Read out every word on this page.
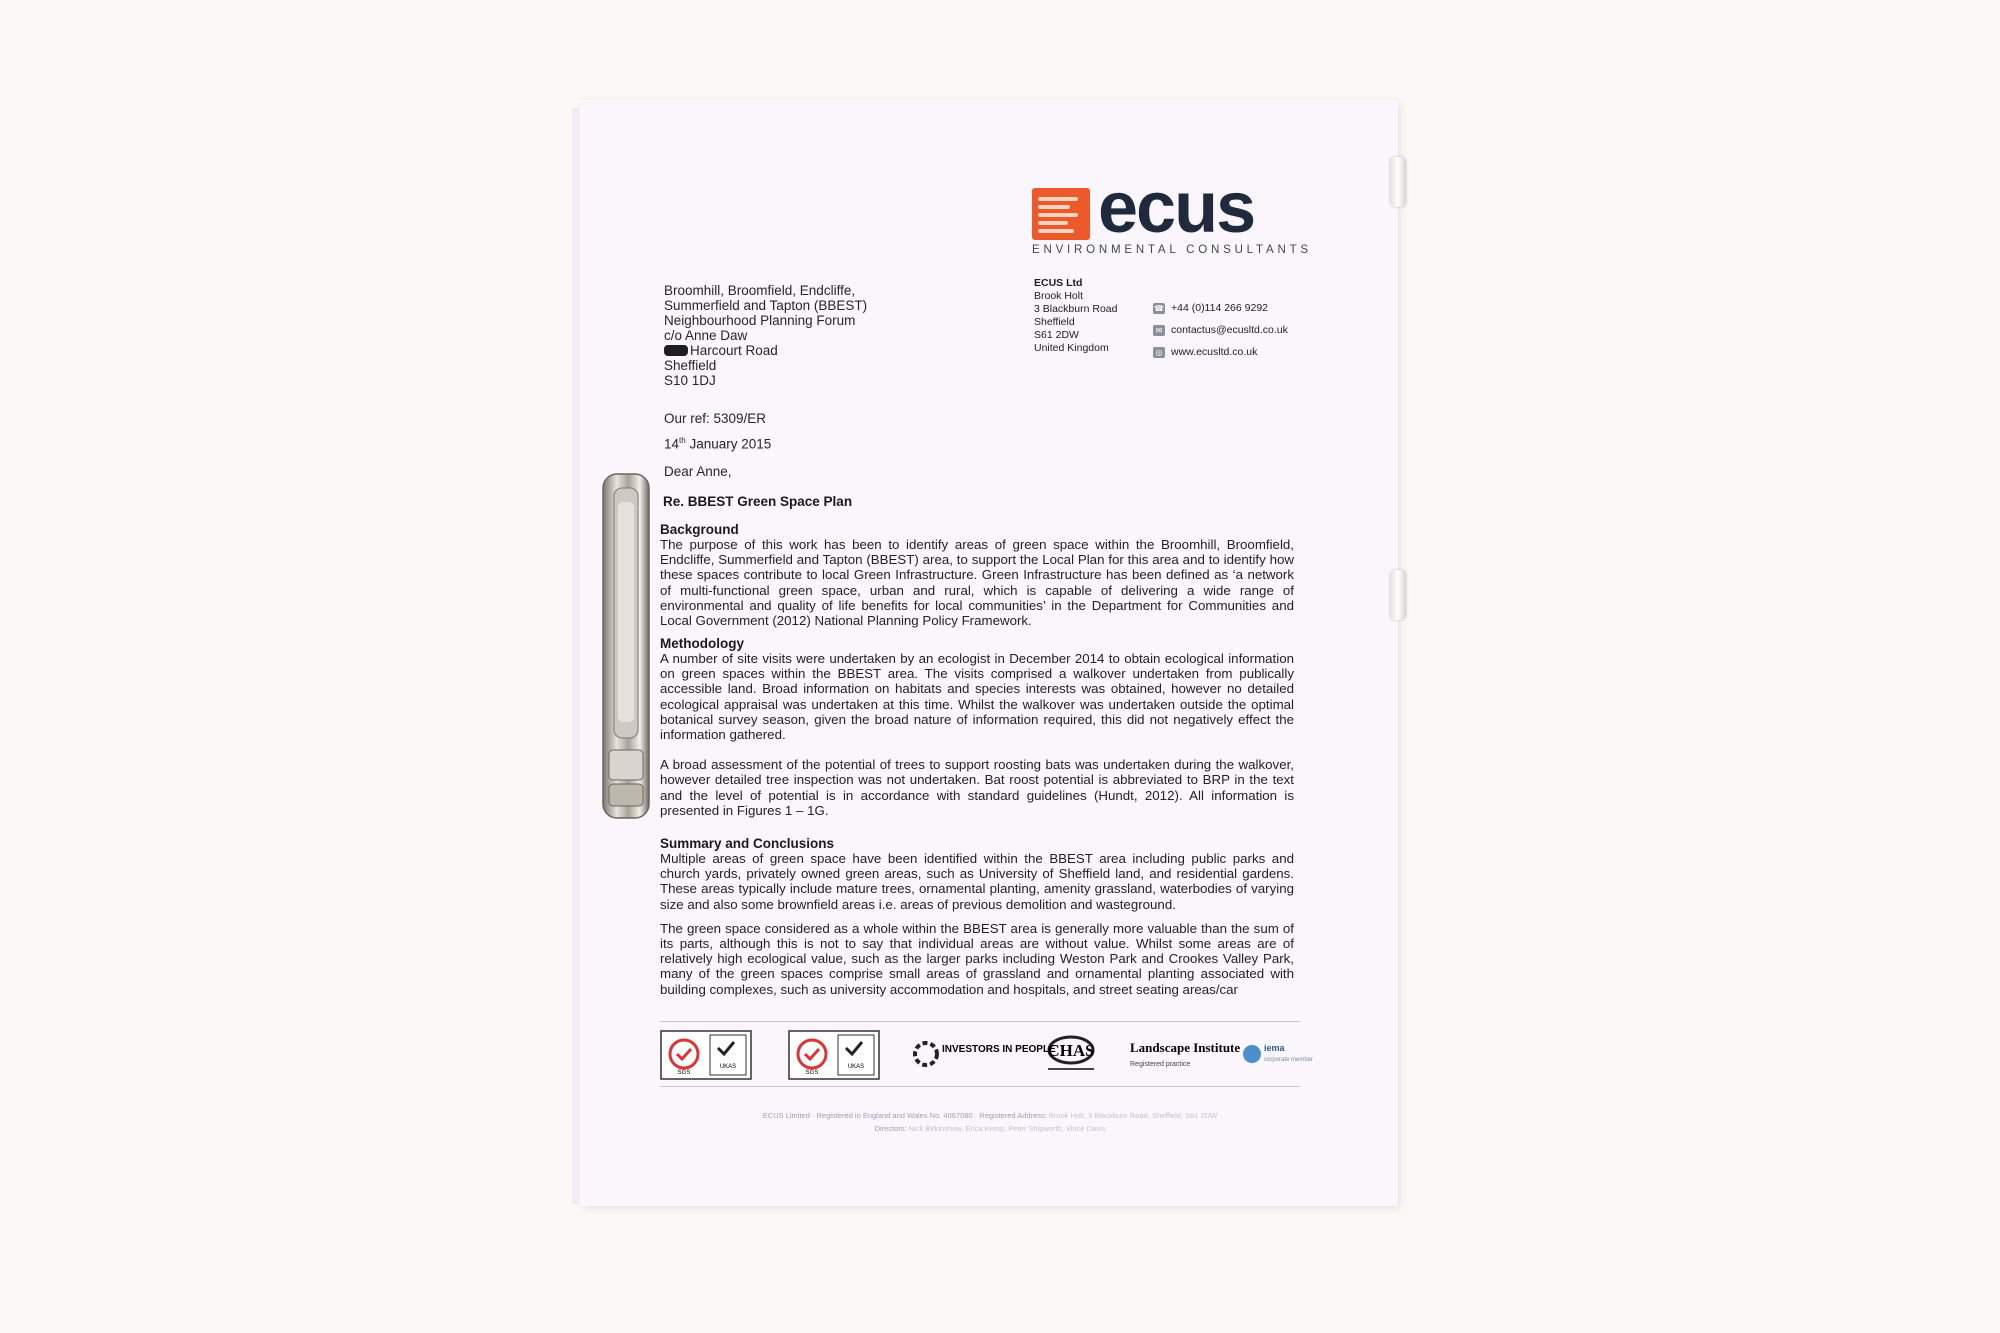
ecus
ENVIRONMENTAL CONSULTANTS
ECUS Ltd
Brook Holt
3 Blackburn Road
Sheffield
S61 2DW
United Kingdom
☎ +44 (0)114 266 9292
✉ contactus@ecusltd.co.uk
◎ www.ecusltd.co.uk
Broomhill, Broomfield, Endcliffe,
Summerfield and Tapton (BBEST)
Neighbourhood Planning Forum
c/o Anne Daw
Harcourt Road
Sheffield
S10 1DJ
Our ref: 5309/ER
14th January 2015
Dear Anne,
Re. BBEST Green Space Plan
Background

The purpose of this work has been to identify areas of green space within the Broomhill, Broomfield, Endcliffe, Summerfield and Tapton (BBEST) area, to support the Local Plan for this area and to identify how these spaces contribute to local Green Infrastructure. Green Infrastructure has been defined as ‘a network of multi-functional green space, urban and rural, which is capable of delivering a wide range of environmental and quality of life benefits for local communities’ in the Department for Communities and Local Government (2012) National Planning Policy Framework.

Methodology

A number of site visits were undertaken by an ecologist in December 2014 to obtain ecological information on green spaces within the BBEST area. The visits comprised a walkover undertaken from publically accessible land. Broad information on habitats and species interests was obtained, however no detailed ecological appraisal was undertaken at this time. Whilst the walkover was undertaken outside the optimal botanical survey season, given the broad nature of information required, this did not negatively effect the information gathered.

A broad assessment of the potential of trees to support roosting bats was undertaken during the walkover, however detailed tree inspection was not undertaken. Bat roost potential is abbreviated to BRP in the text and the level of potential is in accordance with standard guidelines (Hundt, 2012). All information is presented in Figures 1 – 1G.

Summary and Conclusions

Multiple areas of green space have been identified within the BBEST area including public parks and church yards, privately owned green areas, such as University of Sheffield land, and residential gardens. These areas typically include mature trees, ornamental planting, amenity grassland, waterbodies of varying size and also some brownfield areas i.e. areas of previous demolition and wasteground.

The green space considered as a whole within the BBEST area is generally more valuable than the sum of its parts, although this is not to say that individual areas are without value. Whilst some areas are of relatively high ecological value, such as the larger parks including Weston Park and Crookes Valley Park, many of the green spaces comprise small areas of grassland and ornamental planting associated with building complexes, such as university accommodation and hospitals, and street seating areas/car

SGS
UKAS
SGS
UKAS
INVESTORS IN PEOPLE
CHAS	Landscape Institute
Registered practice
iema
corporate member
ECUS Limited · Registered in England and Wales No. 4067080 · Registered Address: Brook Holt, 3 Blackburn Road, Sheffield, S61 2DW
Directors: Nick Birkinshaw, Erica Kemp, Peter Shipworth, Vince Davis
